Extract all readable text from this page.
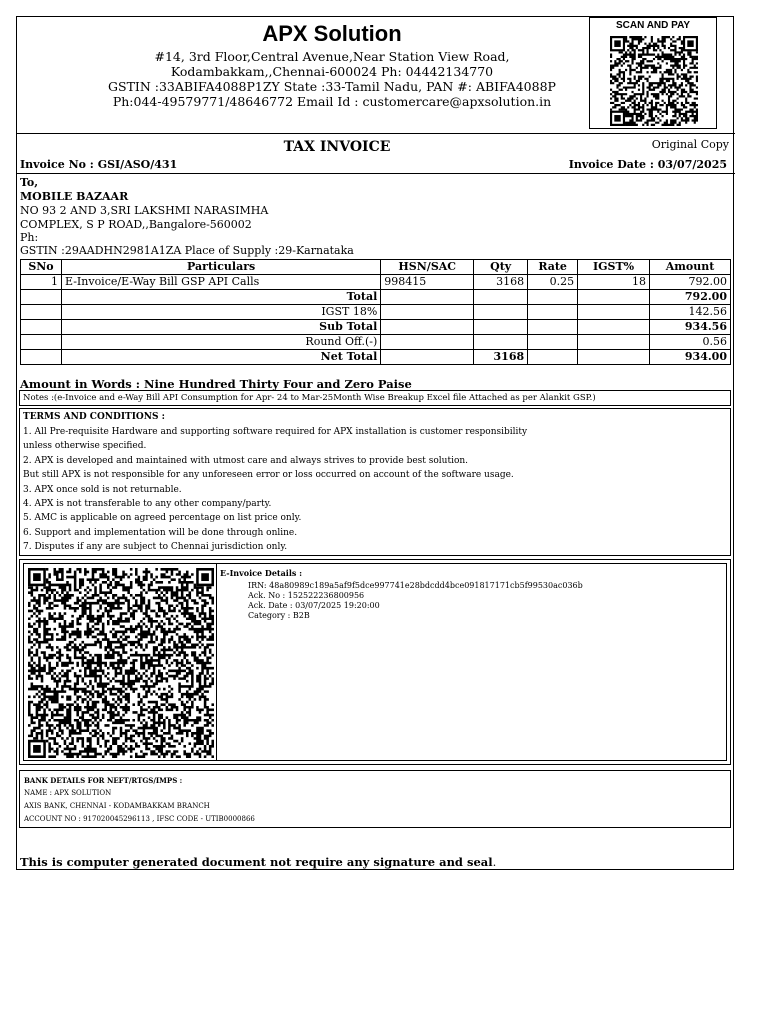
APX Solution
#14, 3rd Floor,Central Avenue,Near Station View Road,
Kodambakkam,,Chennai-600024 Ph: 04442134770
GSTIN :33ABIFA4088P1ZY State :33-Tamil Nadu, PAN #: ABIFA4088P
Ph:044-49579771/48646772 Email Id : customercare@apxsolution.in
SCAN AND PAY
TAX INVOICE	Original Copy
Invoice No : GSI/ASO/431	Invoice Date : 03/07/2025
To,
MOBILE BAZAAR
NO 93 2 AND 3,SRI LAKSHMI NARASIMHA
COMPLEX, S P ROAD,,Bangalore-560002
Ph:
GSTIN :29AADHN2981A1ZA Place of Supply :29-Karnataka
SNo	Particulars	HSN/SAC	Qty	Rate	IGST%	Amount
1	E-Invoice/E-Way Bill GSP API Calls	998415	3168	0.25	18	792.00
	Total					792.00
	IGST 18%					142.56
	Sub Total					934.56
	Round Off.(-)					0.56
	Net Total		3168			934.00
Amount in Words : Nine Hundred Thirty Four and Zero Paise
Notes :(e-Invoice and e-Way Bill API Consumption for Apr- 24 to Mar-25Month Wise Breakup Excel file Attached as per Alankit GSP.)
TERMS AND CONDITIONS :
1. All Pre-requisite Hardware and supporting software required for APX installation is customer responsibility
unless otherwise specified.
2. APX is developed and maintained with utmost care and always strives to provide best solution.
But still APX is not responsible for any unforeseen error or loss occurred on account of the software usage.
3. APX once sold is not returnable.
4. APX is not transferable to any other company/party.
5. AMC is applicable on agreed percentage on list price only.
6. Support and implementation will be done through online.
7. Disputes if any are subject to Chennai jurisdiction only.
E-Invoice Details :
IRN: 48a80989c189a5af9f5dce997741e28bdcdd4bce091817171cb5f99530ac036b
Ack. No : 152522236800956
Ack. Date : 03/07/2025 19:20:00
Category : B2B
BANK DETAILS FOR NEFT/RTGS/IMPS :
NAME : APX SOLUTION
AXIS BANK, CHENNAI - KODAMBAKKAM BRANCH
ACCOUNT NO : 917020045296113 , IFSC CODE - UTIB0000866
This is computer generated document not require any signature and seal.
